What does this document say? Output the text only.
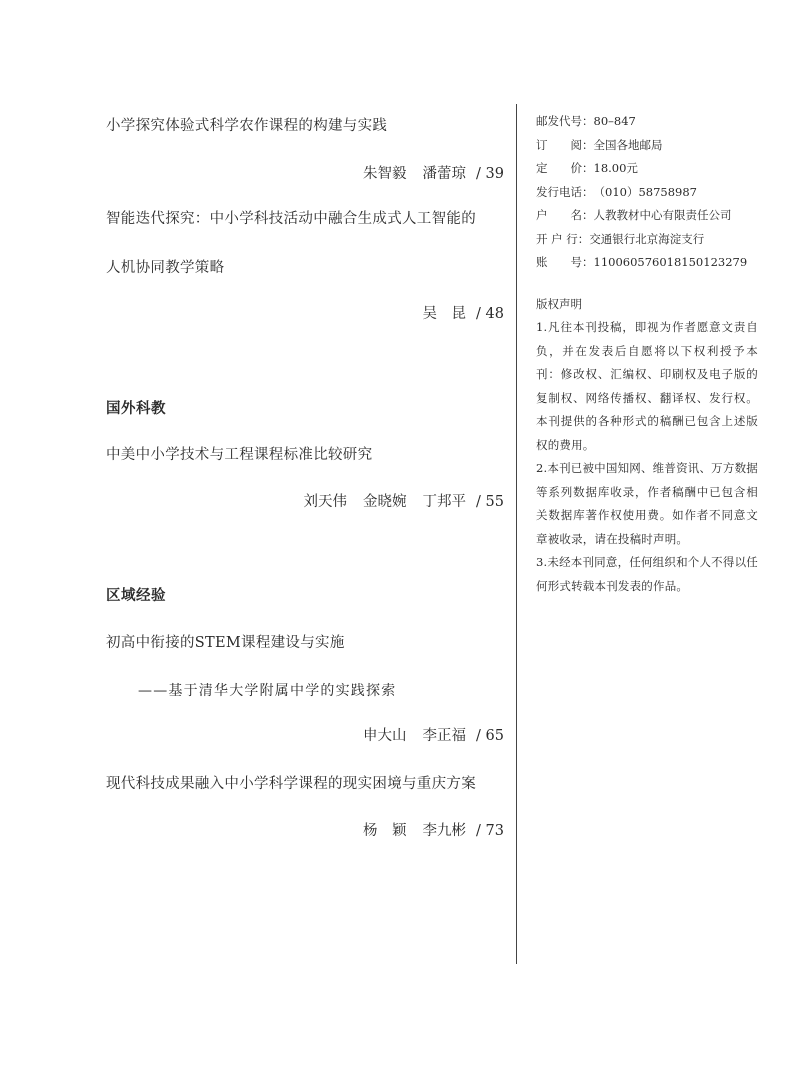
小学探究体验式科学农作课程的构建与实践
朱智毅 潘蕾琼 / 39
智能迭代探究：中小学科技活动中融合生成式人工智能的
人机协同教学策略
吴　昆 / 48
国外科教
中美中小学技术与工程课程标准比较研究
刘天伟 金晓婉 丁邦平 / 55
区域经验
初高中衔接的STEM课程建设与实施
——基于清华大学附属中学的实践探索
申大山 李正福 / 65
现代科技成果融入中小学科学课程的现实困境与重庆方案
杨　颖 李九彬 / 73
邮发代号： 80–847
订　　阅： 全国各地邮局
定　　价： 18.00元
发行电话： （010）58758987
户　　名： 人教教材中心有限责任公司
开 户 行： 交通银行北京海淀支行
账　　号： 110060576018150123279
版权声明

1.凡往本刊投稿，即视为作者愿意文责自负，并在发表后自愿将以下权利授予本刊：修改权、汇编权、印刷权及电子版的复制权、网络传播权、翻译权、发行权。本刊提供的各种形式的稿酬已包含上述版权的费用。

2.本刊已被中国知网、维普资讯、万方数据等系列数据库收录，作者稿酬中已包含相关数据库著作权使用费。如作者不同意文章被收录，请在投稿时声明。

3.未经本刊同意，任何组织和个人不得以任何形式转载本刊发表的作品。
